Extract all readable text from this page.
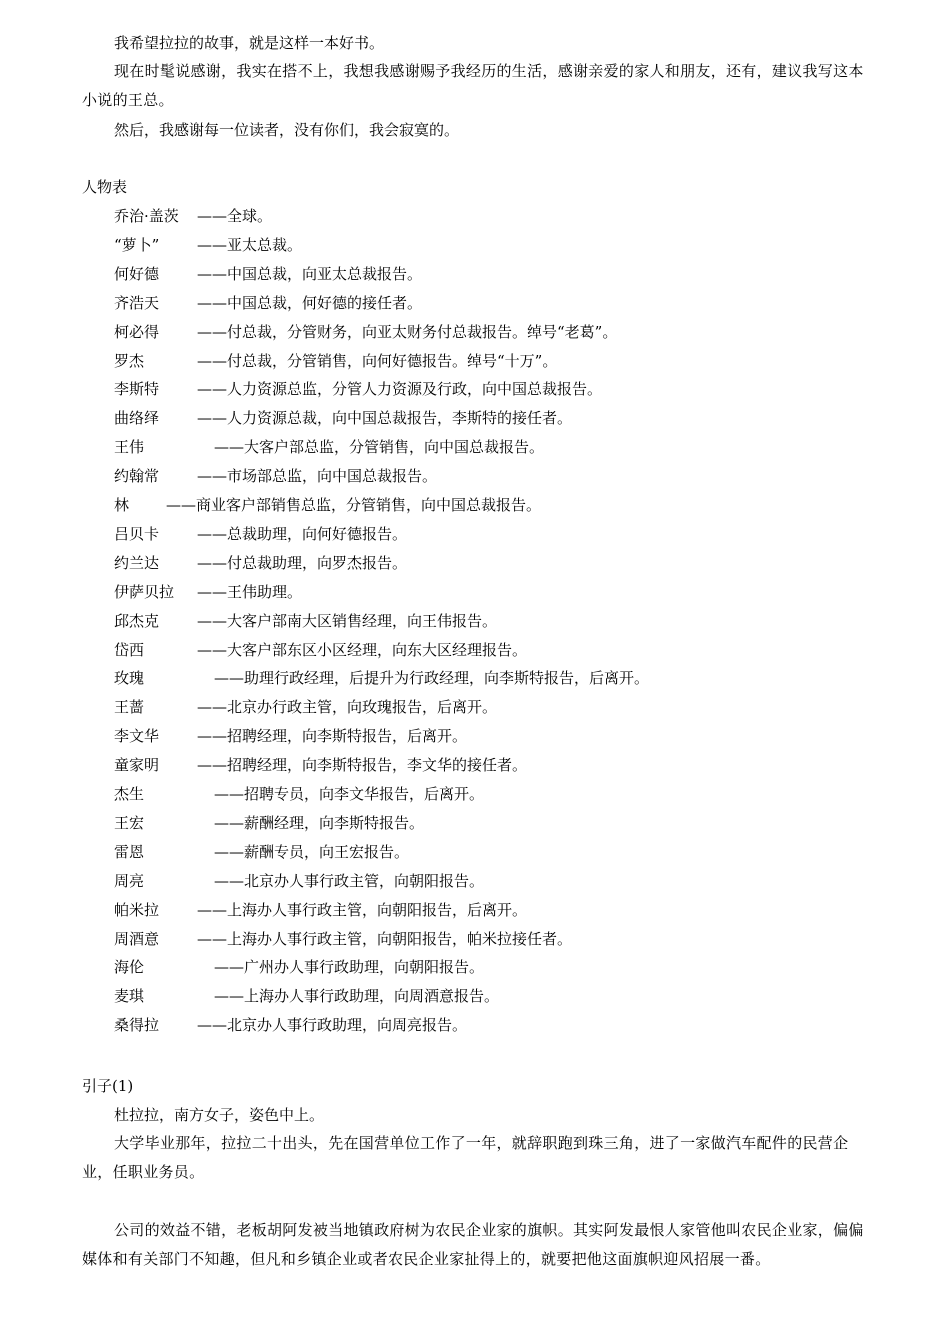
我希望拉拉的故事，就是这样一本好书。
现在时髦说感谢，我实在搭不上，我想我感谢赐予我经历的生活，感谢亲爱的家人和朋友，还有，建议我写这本小说的王总。
然后，我感谢每一位读者，没有你们，我会寂寞的。
人物表
乔治·盖茨 ——全球。
“萝卜”	——亚太总裁。
何好德	——中国总裁，向亚太总裁报告。
齐浩天	——中国总裁，何好德的接任者。
柯必得	——付总裁，分管财务，向亚太财务付总裁报告。绰号“老葛”。
罗杰	——付总裁，分管销售，向何好德报告。绰号“十万”。
李斯特	——人力资源总监，分管人力资源及行政，向中国总裁报告。
曲络绎	——人力资源总裁，向中国总裁报告，李斯特的接任者。
王伟	——大客户部总监，分管销售，向中国总裁报告。
约翰常	——市场部总监，向中国总裁报告。
林 ——商业客户部销售总监，分管销售，向中国总裁报告。
吕贝卡	——总裁助理，向何好德报告。
约兰达	——付总裁助理，向罗杰报告。
伊萨贝拉 ——王伟助理。
邱杰克	——大客户部南大区销售经理，向王伟报告。
岱西	——大客户部东区小区经理，向东大区经理报告。
玫瑰	——助理行政经理，后提升为行政经理，向李斯特报告，后离开。
王蔷	——北京办行政主管，向玫瑰报告，后离开。
李文华	——招聘经理，向李斯特报告，后离开。
童家明	——招聘经理，向李斯特报告，李文华的接任者。
杰生	——招聘专员，向李文华报告，后离开。
王宏	——薪酬经理，向李斯特报告。
雷恩	——薪酬专员，向王宏报告。
周亮	——北京办人事行政主管，向朝阳报告。
帕米拉	——上海办人事行政主管，向朝阳报告，后离开。
周酒意	——上海办人事行政主管，向朝阳报告，帕米拉接任者。
海伦	——广州办人事行政助理，向朝阳报告。
麦琪	——上海办人事行政助理，向周酒意报告。
桑得拉	——北京办人事行政助理，向周亮报告。
引子(1)
杜拉拉，南方女子，姿色中上。
大学毕业那年，拉拉二十出头，先在国营单位工作了一年，就辞职跑到珠三角，进了一家做汽车配件的民营企业，任职业务员。
公司的效益不错，老板胡阿发被当地镇政府树为农民企业家的旗帜。其实阿发最恨人家管他叫农民企业家，偏偏媒体和有关部门不知趣，但凡和乡镇企业或者农民企业家扯得上的，就要把他这面旗帜迎风招展一番。
